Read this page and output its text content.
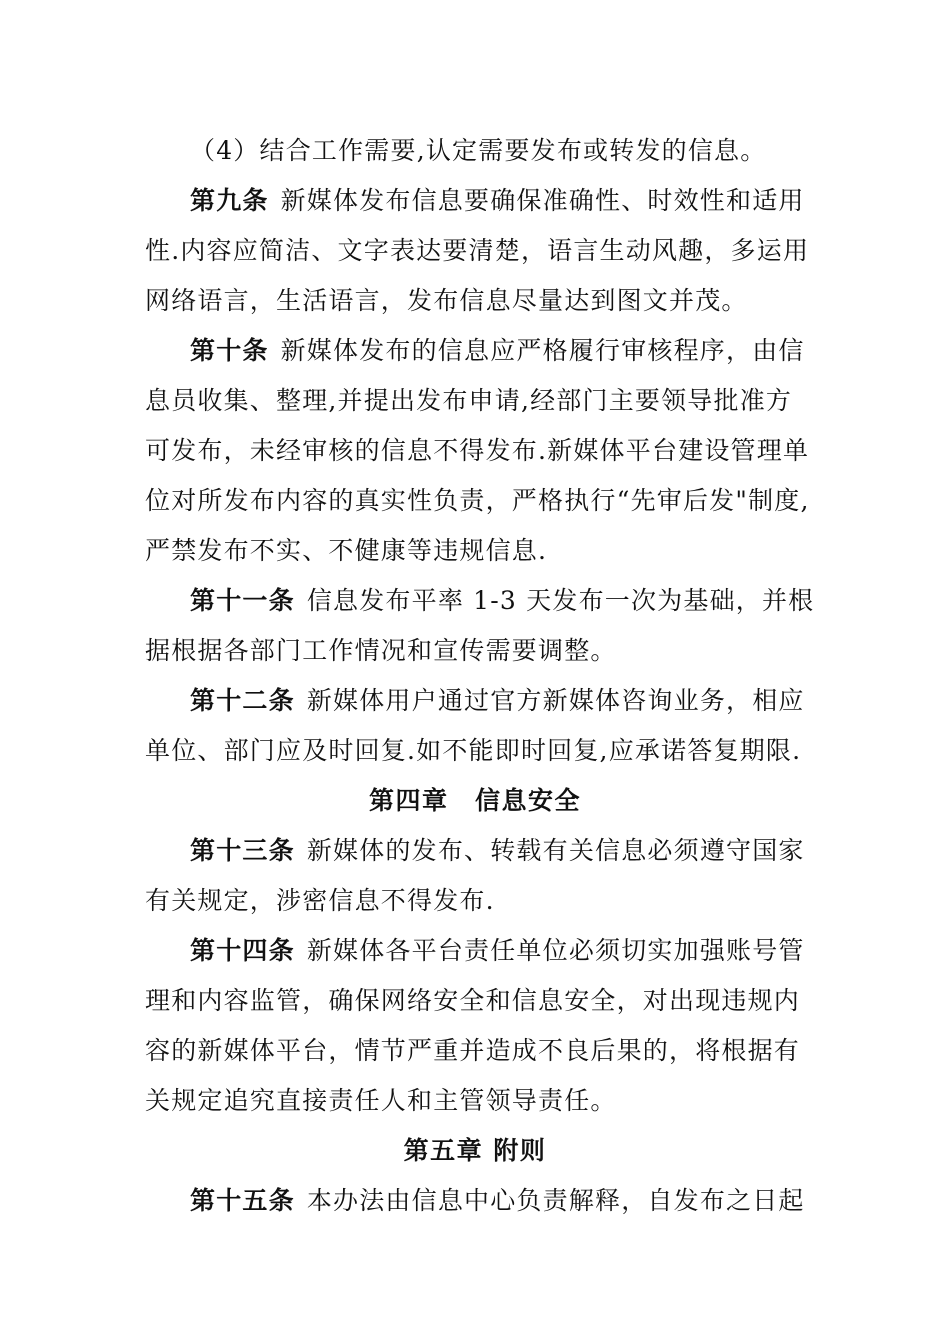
（4）结合工作需要,认定需要发布或转发的信息。
第九条 新媒体发布信息要确保准确性、时效性和适用
性.内容应简洁、文字表达要清楚，语言生动风趣，多运用
网络语言，生活语言，发布信息尽量达到图文并茂。
第十条 新媒体发布的信息应严格履行审核程序，由信
息员收集、整理,并提出发布申请,经部门主要领导批准方
可发布，未经审核的信息不得发布.新媒体平台建设管理单
位对所发布内容的真实性负责，严格执行“先审后发"制度,
严禁发布不实、不健康等违规信息.
第十一条 信息发布平率 1-3 天发布一次为基础，并根
据根据各部门工作情况和宣传需要调整。
第十二条 新媒体用户通过官方新媒体咨询业务，相应
单位、部门应及时回复.如不能即时回复,应承诺答复期限.
第四章　信息安全
第十三条 新媒体的发布、转载有关信息必须遵守国家
有关规定，涉密信息不得发布.
第十四条 新媒体各平台责任单位必须切实加强账号管
理和内容监管，确保网络安全和信息安全，对出现违规内
容的新媒体平台，情节严重并造成不良后果的，将根据有
关规定追究直接责任人和主管领导责任。
第五章 附则
第十五条 本办法由信息中心负责解释，自发布之日起
